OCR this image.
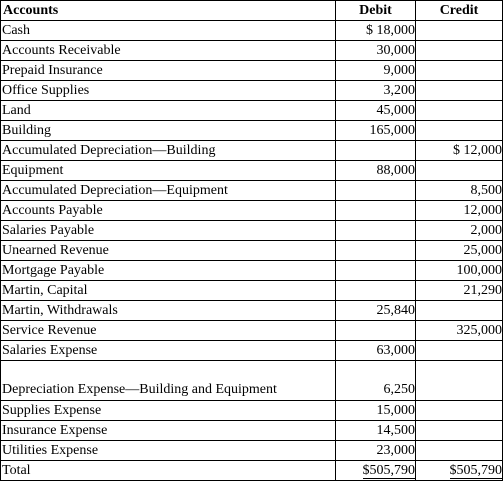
Accounts	Debit	Credit
Cash	$ 18,000	
Accounts Receivable	30,000	
Prepaid Insurance	9,000	
Office Supplies	3,200	
Land	45,000	
Building	165,000	
Accumulated Depreciation—Building		$ 12,000
Equipment	88,000	
Accumulated Depreciation—Equipment		8,500
Accounts Payable		12,000
Salaries Payable		2,000
Unearned Revenue		25,000
Mortgage Payable		100,000
Martin, Capital		21,290
Martin, Withdrawals	25,840	
Service Revenue		325,000
Salaries Expense	63,000	
Depreciation Expense—Building and Equipment	6,250	
Supplies Expense	15,000	
Insurance Expense	14,500	
Utilities Expense	23,000	
Total	$505,790	$505,790
